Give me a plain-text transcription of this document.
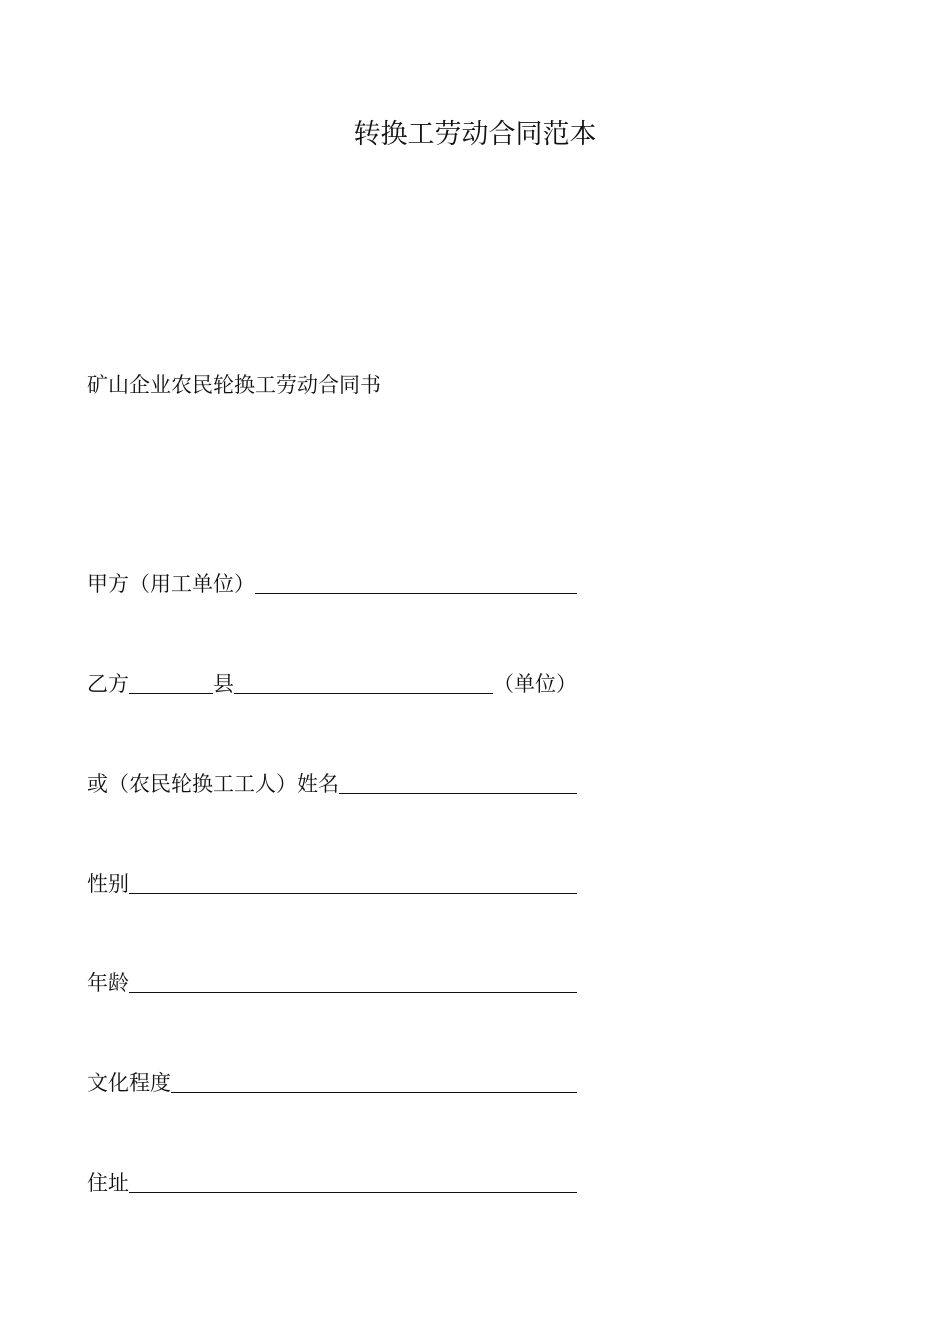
转换工劳动合同范本
矿山企业农民轮换工劳动合同书
甲方（用工单位）
乙方	县	（单位）
或（农民轮换工工人）姓名
性别
年龄
文化程度
住址
